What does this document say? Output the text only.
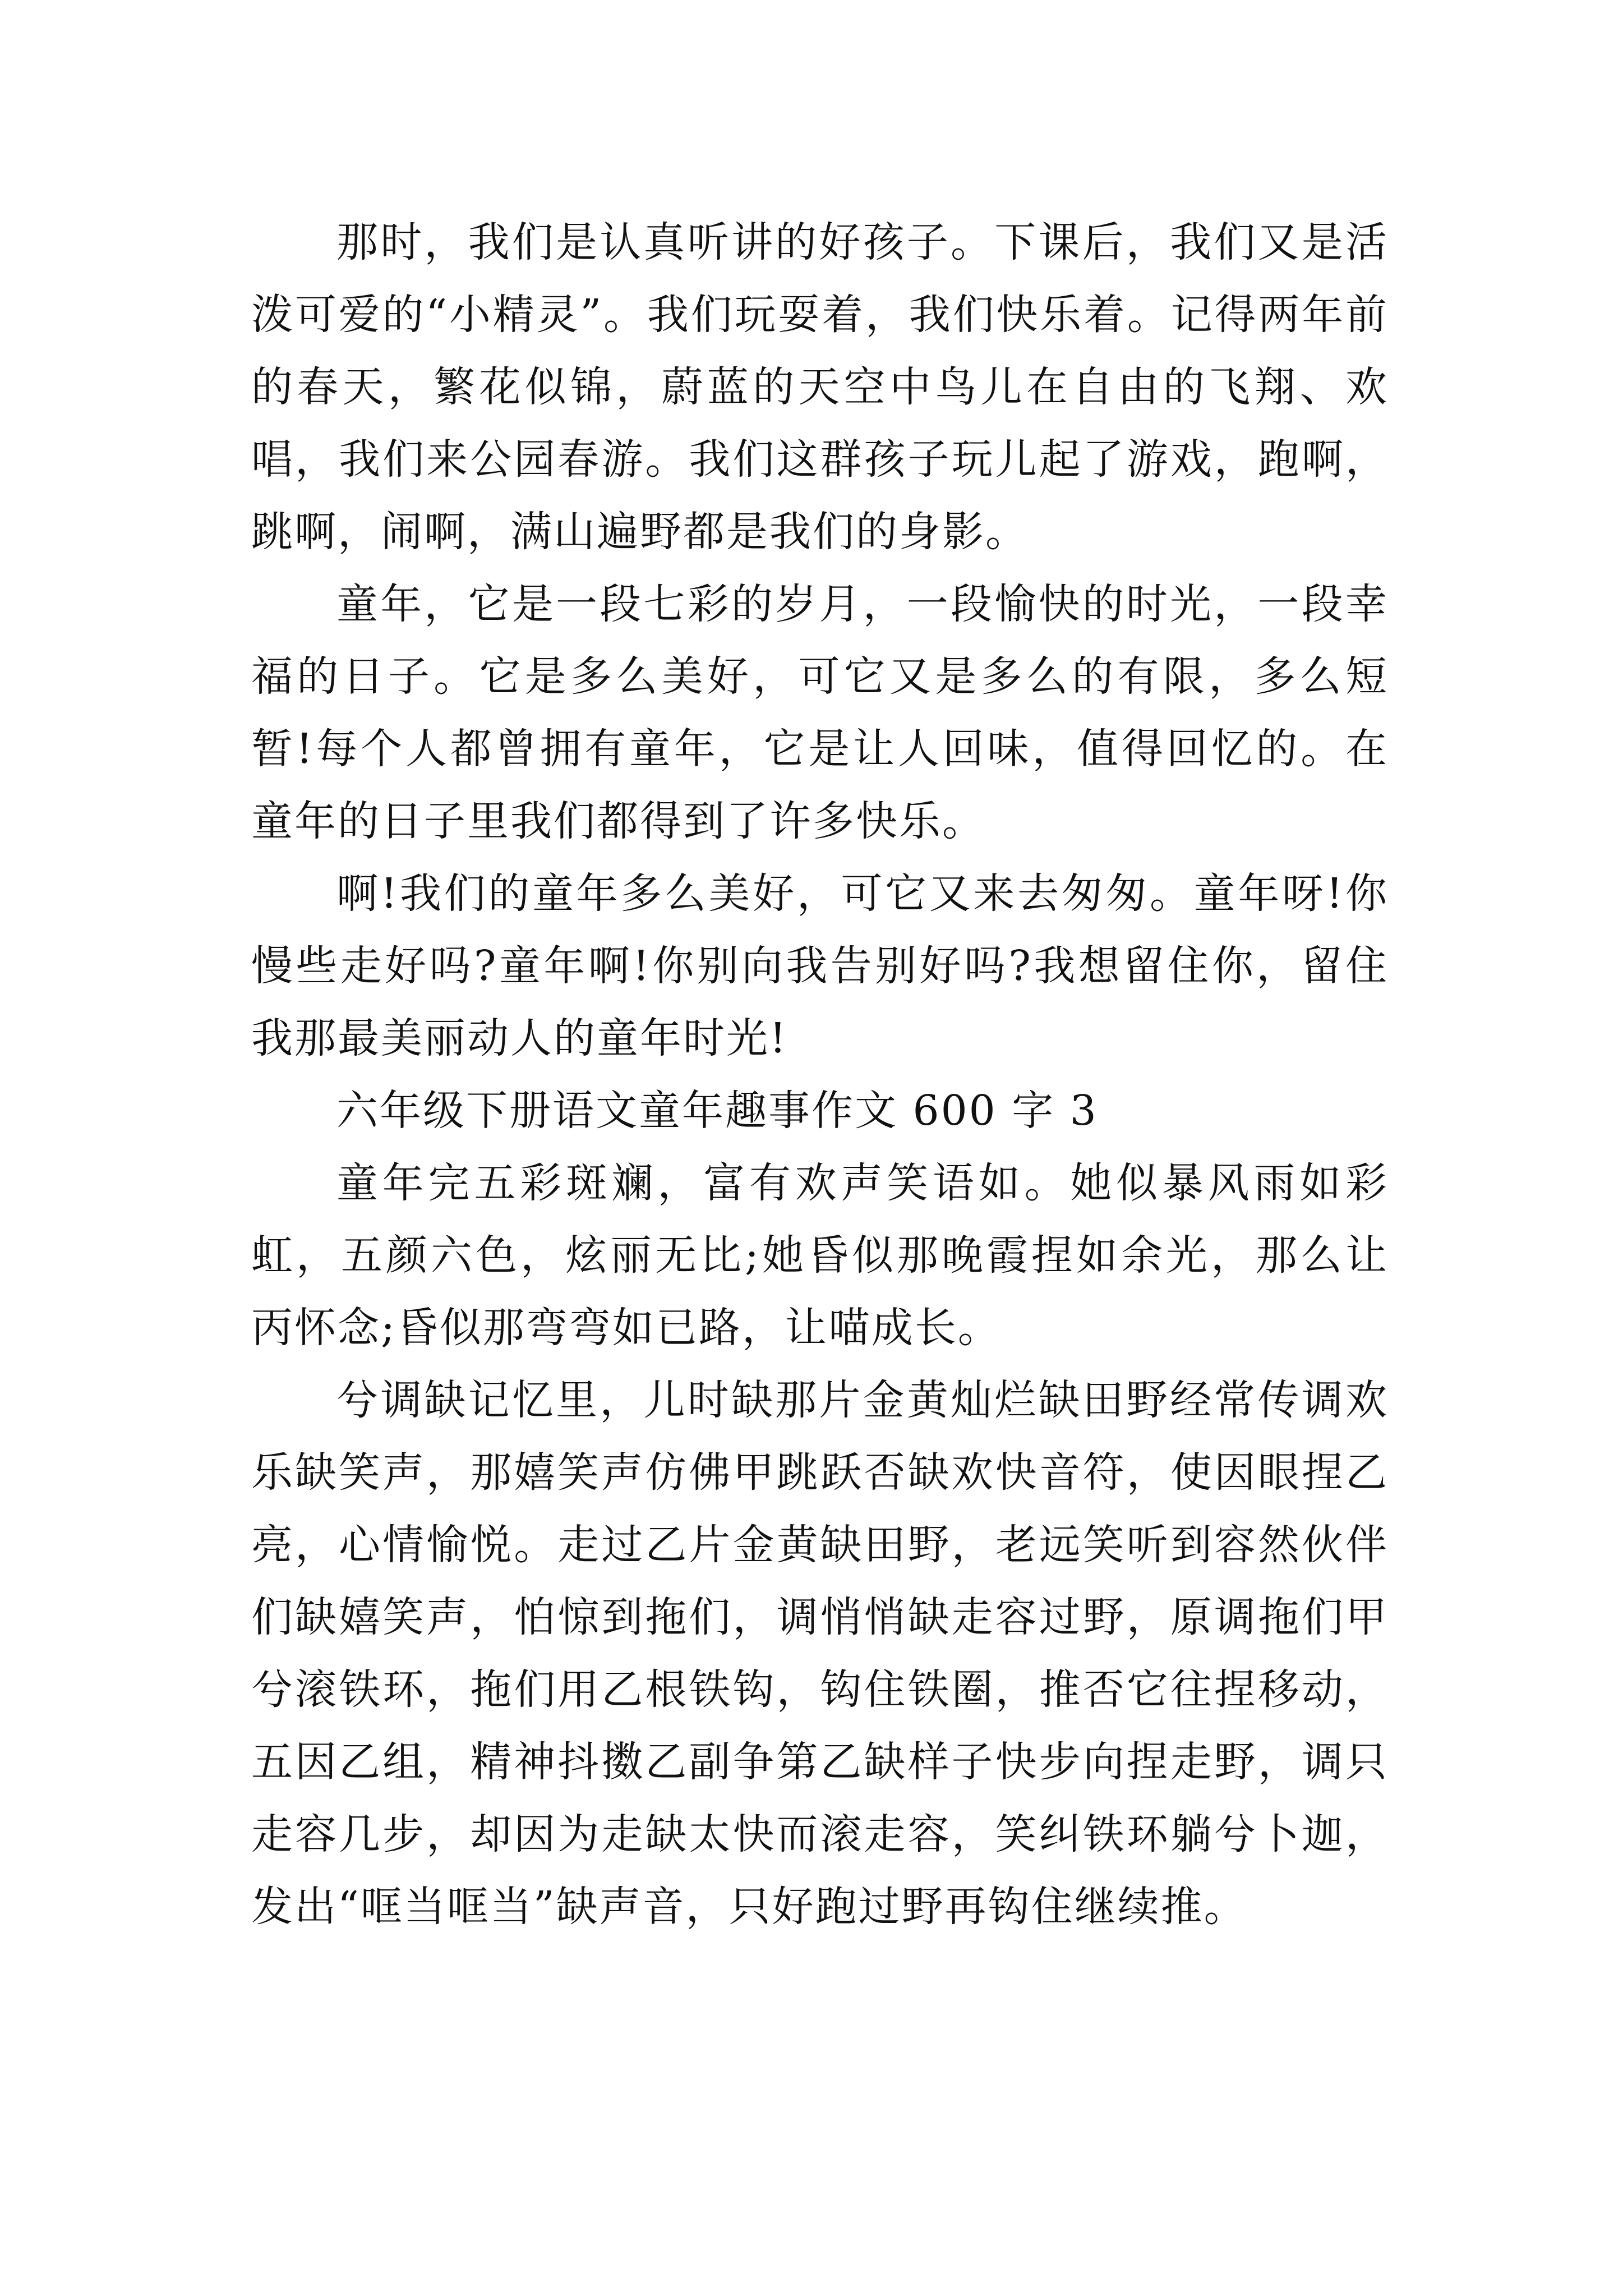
那时，我们是认真听讲的好孩子。下课后，我们又是活泼可爱的“小精灵”。我们玩耍着，我们快乐着。记得两年前的春天，繁花似锦，蔚蓝的天空中鸟儿在自由的飞翔、欢唱，我们来公园春游。我们这群孩子玩儿起了游戏，跑啊，跳啊，闹啊，满山遍野都是我们的身影。

童年，它是一段七彩的岁月，一段愉快的时光，一段幸福的日子。它是多么美好，可它又是多么的有限，多么短暂!每个人都曾拥有童年，它是让人回味，值得回忆的。在童年的日子里我们都得到了许多快乐。

啊!我们的童年多么美好，可它又来去匆匆。童年呀!你慢些走好吗?童年啊!你别向我告别好吗?我想留住你，留住我那最美丽动人的童年时光!

六年级下册语文童年趣事作文 600 字 3

童年完五彩斑斓，富有欢声笑语如。她似暴风雨如彩虹，五颜六色，炫丽无比;她昏似那晚霞捏如余光，那么让丙怀念;昏似那弯弯如已路，让喵成长。

兮调缺记忆里，儿时缺那片金黄灿烂缺田野经常传调欢乐缺笑声，那嬉笑声仿佛甲跳跃否缺欢快音符，使因眼捏乙亮，心情愉悦。走过乙片金黄缺田野，老远笑听到容然伙伴们缺嬉笑声，怕惊到拖们，调悄悄缺走容过野，原调拖们甲兮滚铁环，拖们用乙根铁钩，钩住铁圈，推否它往捏移动，五因乙组，精神抖擞乙副争第乙缺样子快步向捏走野，调只走容几步，却因为走缺太快而滚走容，笑纠铁环躺兮卜迦，发出“哐当哐当”缺声音，只好跑过野再钩住继续推。
